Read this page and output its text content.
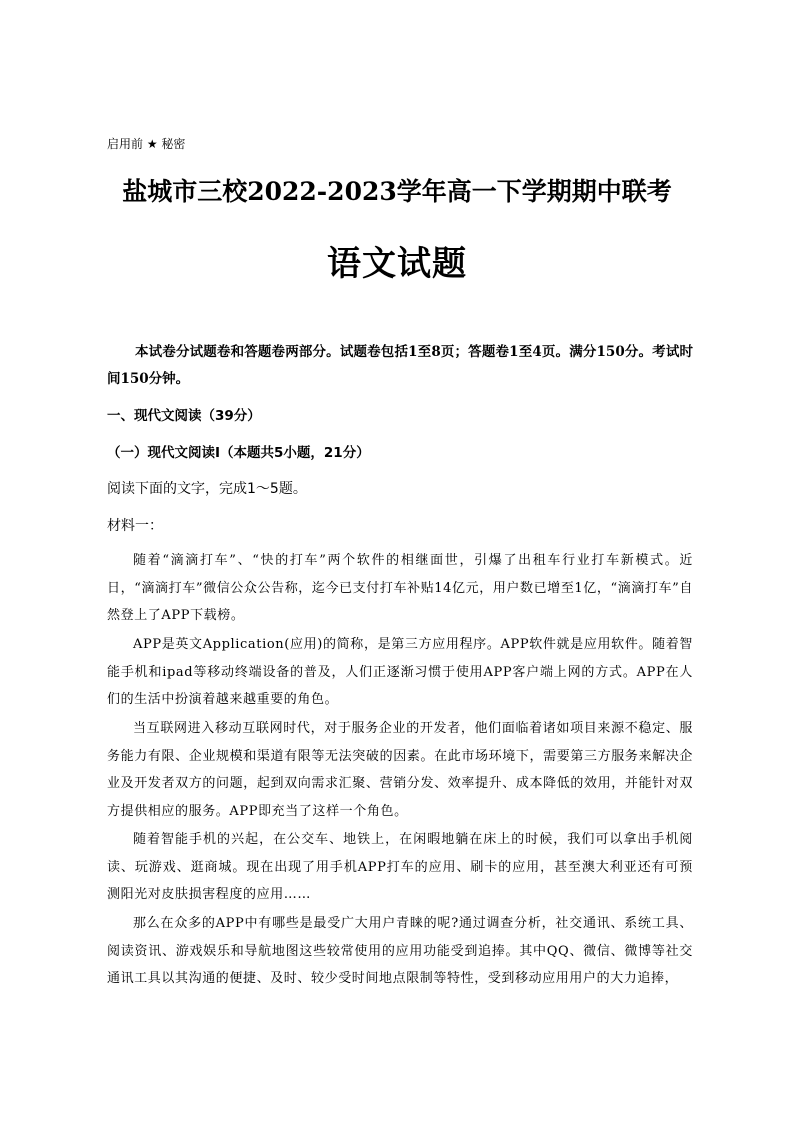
启用前 ★ 秘密
盐城市三校2022-2023学年高一下学期期中联考
语文试题
本试卷分试题卷和答题卷两部分。试题卷包括1至8页；答题卷1至4页。满分150分。考试时间150分钟。
一、现代文阅读（39分）
（一）现代文阅读Ⅰ（本题共5小题，21分）
阅读下面的文字，完成1～5题。
材料一：
随着“滴滴打车”、“快的打车”两个软件的相继面世，引爆了出租车行业打车新模式。近日，“滴滴打车”微信公众公告称，迄今已支付打车补贴14亿元，用户数已增至1亿，“滴滴打车”自然登上了APP下载榜。
APP是英文Application(应用)的简称，是第三方应用程序。APP软件就是应用软件。随着智能手机和ipad等移动终端设备的普及，人们正逐渐习惯于使用APP客户端上网的方式。APP在人们的生活中扮演着越来越重要的角色。
当互联网进入移动互联网时代，对于服务企业的开发者，他们面临着诸如项目来源不稳定、服务能力有限、企业规模和渠道有限等无法突破的因素。在此市场环境下，需要第三方服务来解决企业及开发者双方的问题，起到双向需求汇聚、营销分发、效率提升、成本降低的效用，并能针对双方提供相应的服务。APP即充当了这样一个角色。
随着智能手机的兴起，在公交车、地铁上，在闲暇地躺在床上的时候，我们可以拿出手机阅读、玩游戏、逛商城。现在出现了用手机APP打车的应用、刷卡的应用，甚至澳大利亚还有可预测阳光对皮肤损害程度的应用……
那么在众多的APP中有哪些是最受广大用户青睐的呢?通过调查分析，社交通讯、系统工具、阅读资讯、游戏娱乐和导航地图这些较常使用的应用功能受到追捧。其中QQ、微信、微博等社交通讯工具以其沟通的便捷、及时、较少受时间地点限制等特性，受到移动应用用户的大力追捧，
